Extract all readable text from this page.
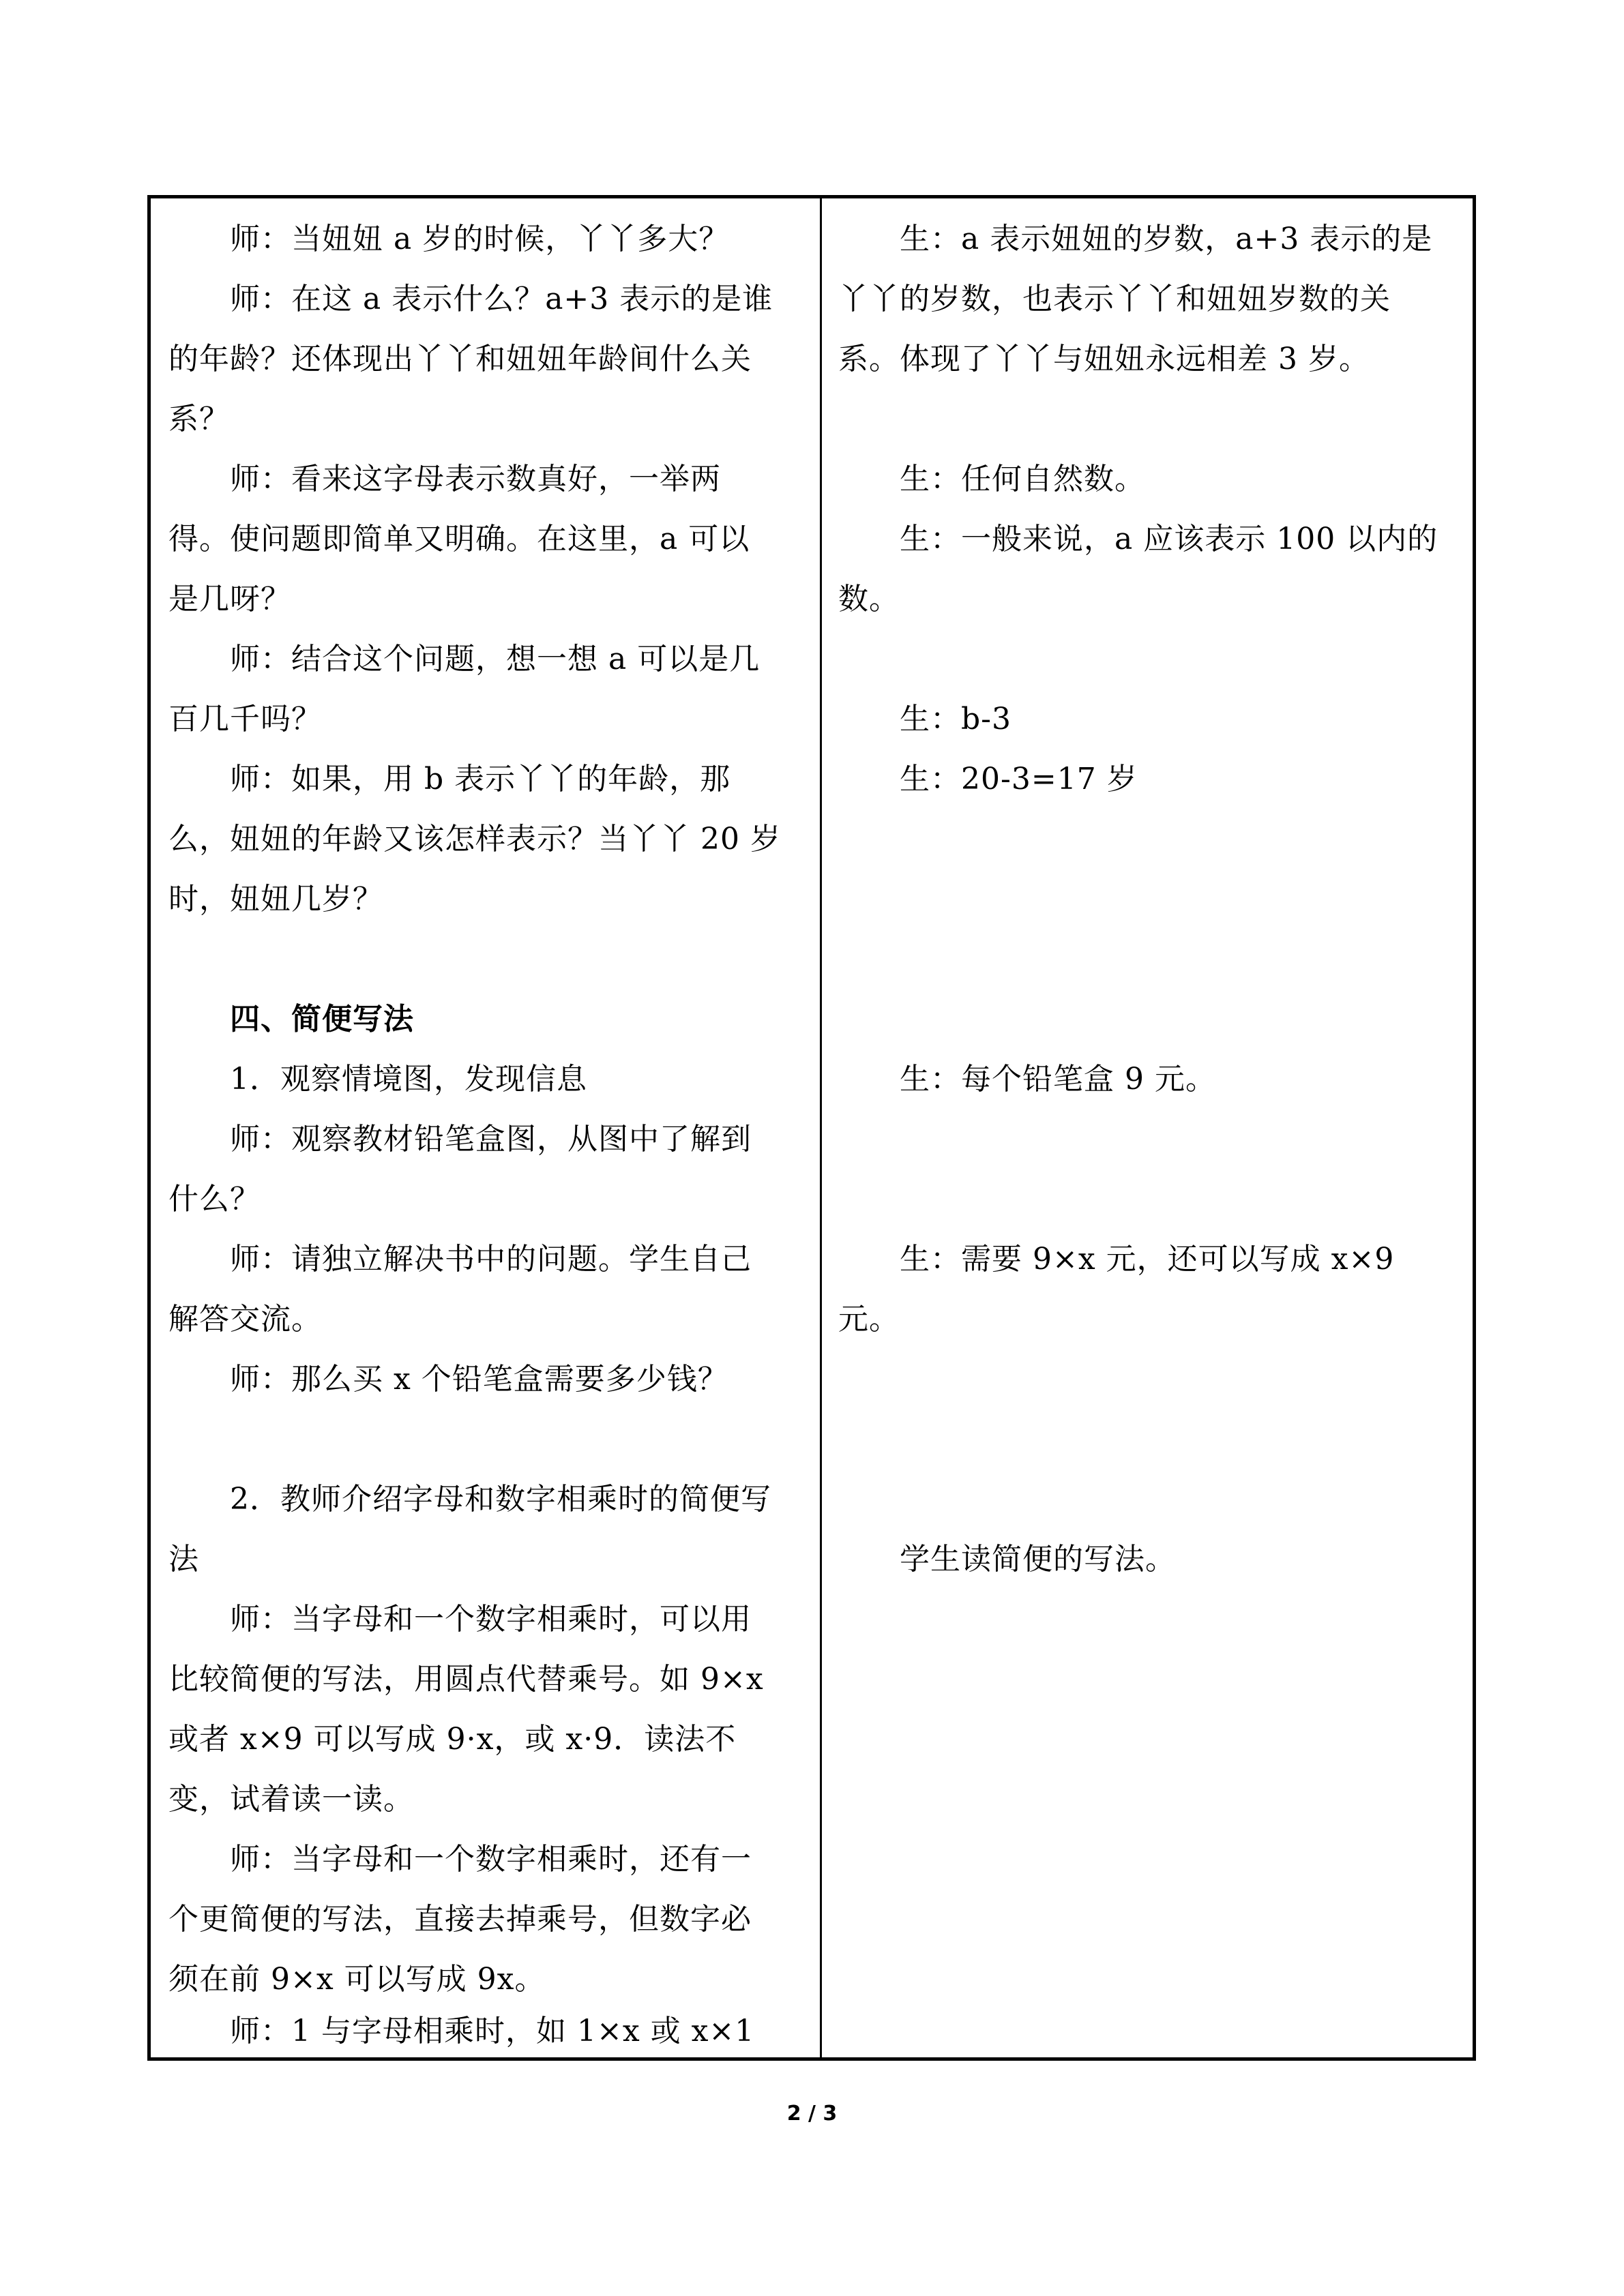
　　师：当妞妞 a 岁的时候，丫丫多大？
　　师：在这 a 表示什么？a+3 表示的是谁
的年龄？还体现出丫丫和妞妞年龄间什么关
系？
　　师：看来这字母表示数真好，一举两
得。使问题即简单又明确。在这里，a 可以
是几呀？
　　师：结合这个问题，想一想 a 可以是几
百几千吗？
　　师：如果，用 b 表示丫丫的年龄，那
么，妞妞的年龄又该怎样表示？当丫丫 20 岁
时，妞妞几岁？
　　四、简便写法
　　1．观察情境图，发现信息
　　师：观察教材铅笔盒图，从图中了解到
什么？
　　师：请独立解决书中的问题。学生自己
解答交流。
　　师：那么买 x 个铅笔盒需要多少钱？
　　2．教师介绍字母和数字相乘时的简便写
法
　　师：当字母和一个数字相乘时，可以用
比较简便的写法，用圆点代替乘号。如 9×x
或者 x×9 可以写成 9·x，或 x·9．读法不
变，试着读一读。
　　师：当字母和一个数字相乘时，还有一
个更简便的写法，直接去掉乘号，但数字必
须在前 9×x 可以写成 9x。
　　师：1 与字母相乘时，如 1×x 或 x×1
　　生：a 表示妞妞的岁数，a+3 表示的是
丫丫的岁数，也表示丫丫和妞妞岁数的关
系。体现了丫丫与妞妞永远相差 3 岁。
　　生：任何自然数。
　　生：一般来说，a 应该表示 100 以内的
数。
　　生：b-3
　　生：20-3=17 岁
　　生：每个铅笔盒 9 元。
　　生：需要 9×x 元，还可以写成 x×9
元。
　　学生读简便的写法。
2 / 3
